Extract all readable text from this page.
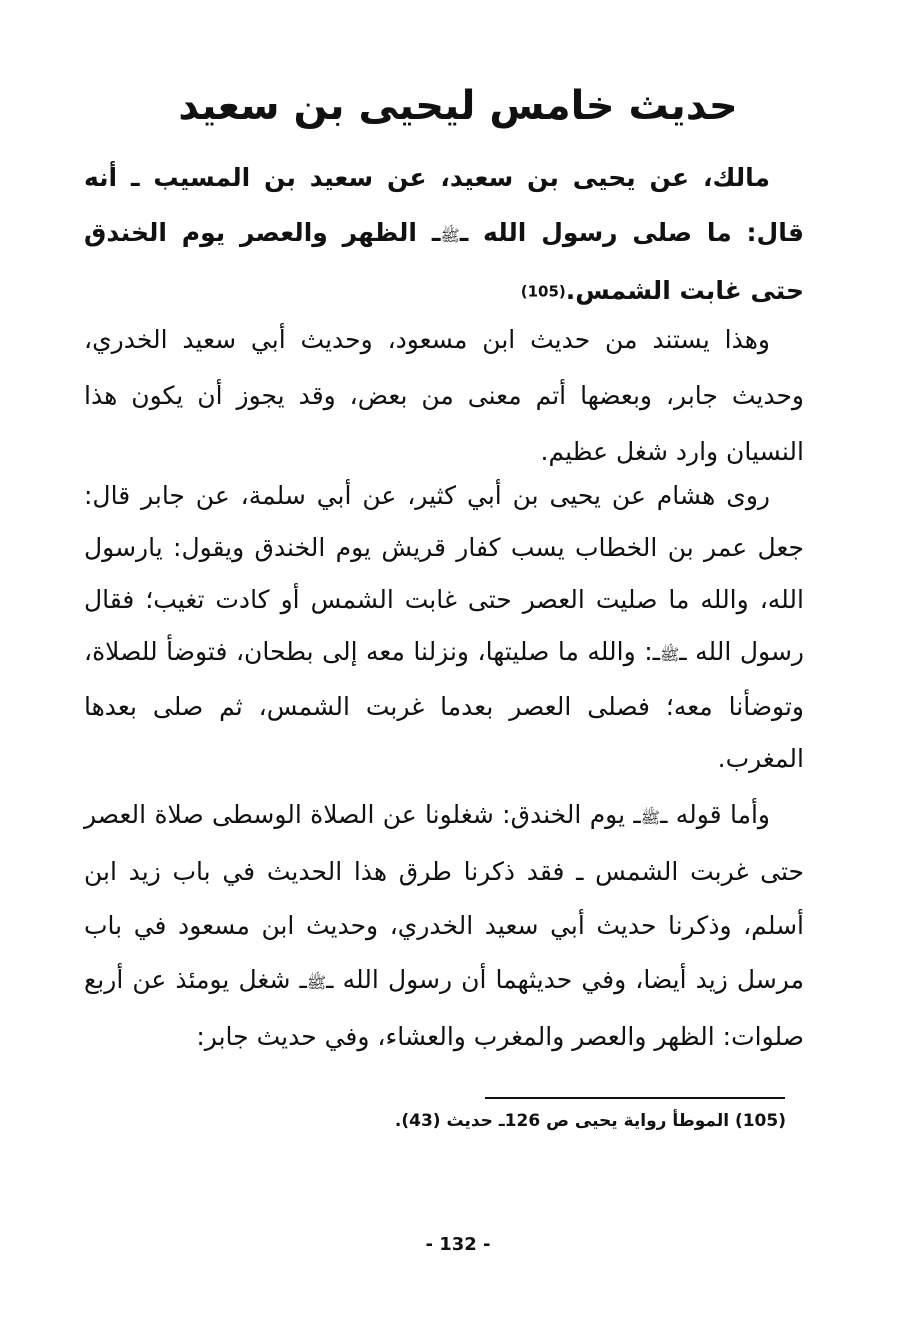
حديث خامس ليحيى بن سعيد
مالك، عن يحيى بن سعيد، عن سعيد بن المسيب ـ أنه قال: ما صلى رسول الله ـﷺـ الظهر والعصر يوم الخندق حتى غابت الشمس.(105)
وهذا يستند من حديث ابن مسعود، وحديث أبي سعيد الخدري، وحديث جابر، وبعضها أتم معنى من بعض، وقد يجوز أن يكون هذا النسيان وارد شغل عظيم.
روى هشام عن يحيى بن أبي كثير، عن أبي سلمة، عن جابر قال: جعل عمر بن الخطاب يسب كفار قريش يوم الخندق ويقول: يارسول الله، والله ما صليت العصر حتى غابت الشمس أو كادت تغيب؛ فقال رسول الله ـﷺـ: والله ما صليتها، ونزلنا معه إلى بطحان، فتوضأ للصلاة، وتوضأنا معه؛ فصلى العصر بعدما غربت الشمس، ثم صلى بعدها المغرب.
وأما قوله ـﷺـ يوم الخندق: شغلونا عن الصلاة الوسطى صلاة العصر حتى غربت الشمس ـ فقد ذكرنا طرق هذا الحديث في باب زيد ابن أسلم، وذكرنا حديث أبي سعيد الخدري، وحديث ابن مسعود في باب مرسل زيد أيضا، وفي حديثهما أن رسول الله ـﷺـ شغل يومئذ عن أربع صلوات: الظهر والعصر والمغرب والعشاء، وفي حديث جابر:
(105) الموطأ رواية يحيى ص 126ـ حديث (43).
- 132 -
